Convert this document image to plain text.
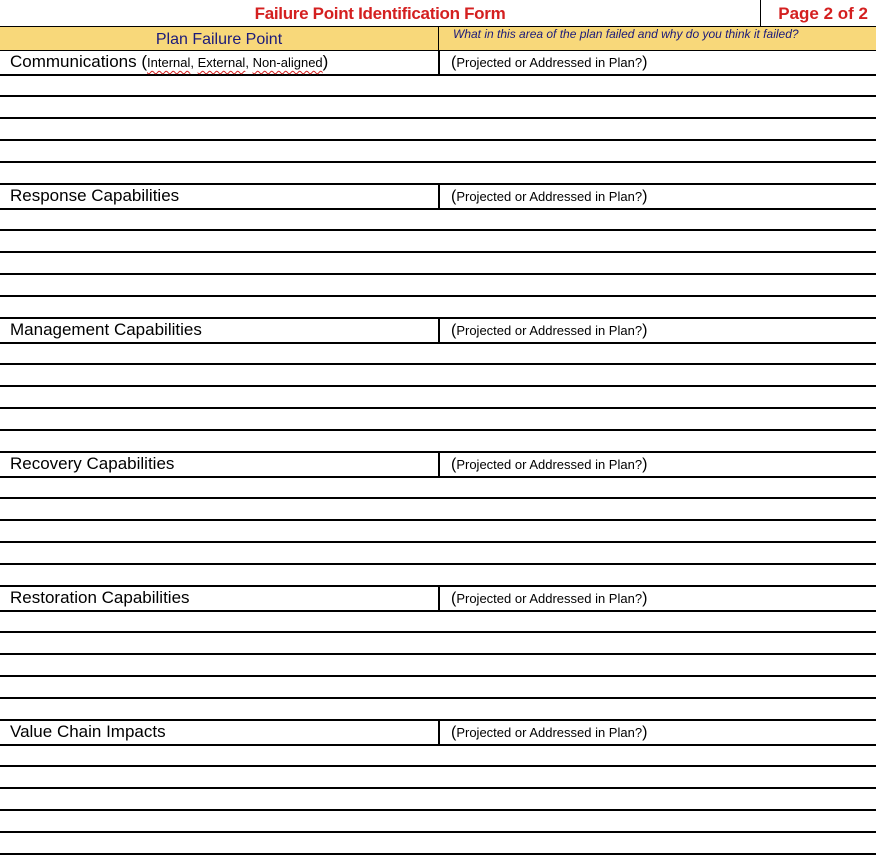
Failure Point Identification Form	Page 2 of 2
Plan Failure Point	What in this area of the plan failed and why do you think it failed?
Communications (Internal, External, Non-aligned)	(Projected or Addressed in Plan?)
Response Capabilities	(Projected or Addressed in Plan?)
Management Capabilities	(Projected or Addressed in Plan?)
Recovery Capabilities	(Projected or Addressed in Plan?)
Restoration Capabilities	(Projected or Addressed in Plan?)
Value Chain Impacts	(Projected or Addressed in Plan?)
